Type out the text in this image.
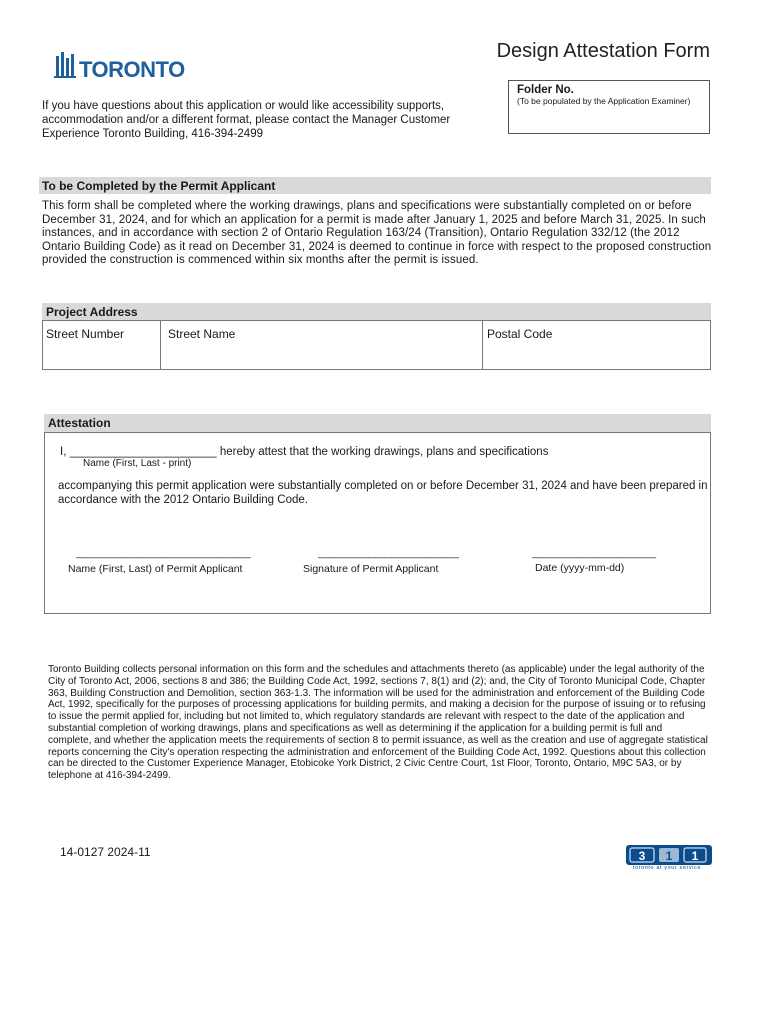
TORONTO
Design Attestation Form
Folder No.
(To be populated by the Application Examiner)
If you have questions about this application or would like accessibility supports, accommodation and/or a different format, please contact the Manager Customer Experience Toronto Building, 416-394-2499
To be Completed by the Permit Applicant
This form shall be completed where the working drawings, plans and specifications were substantially completed on or before December 31, 2024, and for which an application for a permit is made after January 1, 2025 and before March 31, 2025. In such instances, and in accordance with section 2 of Ontario Regulation 163/24 (Transition), Ontario Regulation 332/12 (the 2012 Ontario Building Code) as it read on December 31, 2024 is deemed to continue in force with respect to the proposed construction provided the construction is commenced within six months after the permit is issued.
Project Address
Street Number	Street Name	Postal Code
Attestation
I, _______________________ hereby attest that the working drawings, plans and specifications
Name (First, Last - print)
accompanying this permit application were substantially completed on or before December 31, 2024 and have been prepared in accordance with the 2012 Ontario Building Code.
_______________________________	_________________________	______________________
Name (First, Last) of Permit Applicant	Signature of Permit Applicant	Date (yyyy-mm-dd)
Toronto Building collects personal information on this form and the schedules and attachments thereto (as applicable) under the legal authority of the City of Toronto Act, 2006, sections 8 and 386; the Building Code Act, 1992, sections 7, 8(1) and (2); and, the City of Toronto Municipal Code, Chapter 363, Building Construction and Demolition, section 363-1.3. The information will be used for the administration and enforcement of the Building Code Act, 1992, specifically for the purposes of processing applications for building permits, and making a decision for the purpose of issuing or to refusing to issue the permit applied for, including but not limited to, which regulatory standards are relevant with respect to the date of the application and substantial completion of working drawings, plans and specifications as well as determining if the application for a building permit is full and complete, and whether the application meets the requirements of section 8 to permit issuance, as well as the creation and use of aggregate statistical reports concerning the City's operation respecting the administration and enforcement of the Building Code Act, 1992. Questions about this collection can be directed to the Customer Experience Manager, Etobicoke York District, 2 Civic Centre Court, 1st Floor, Toronto, Ontario, M9C 5A3, or by telephone at 416-394-2499.
14-0127 2024-11	3 1 1
toronto at your service
